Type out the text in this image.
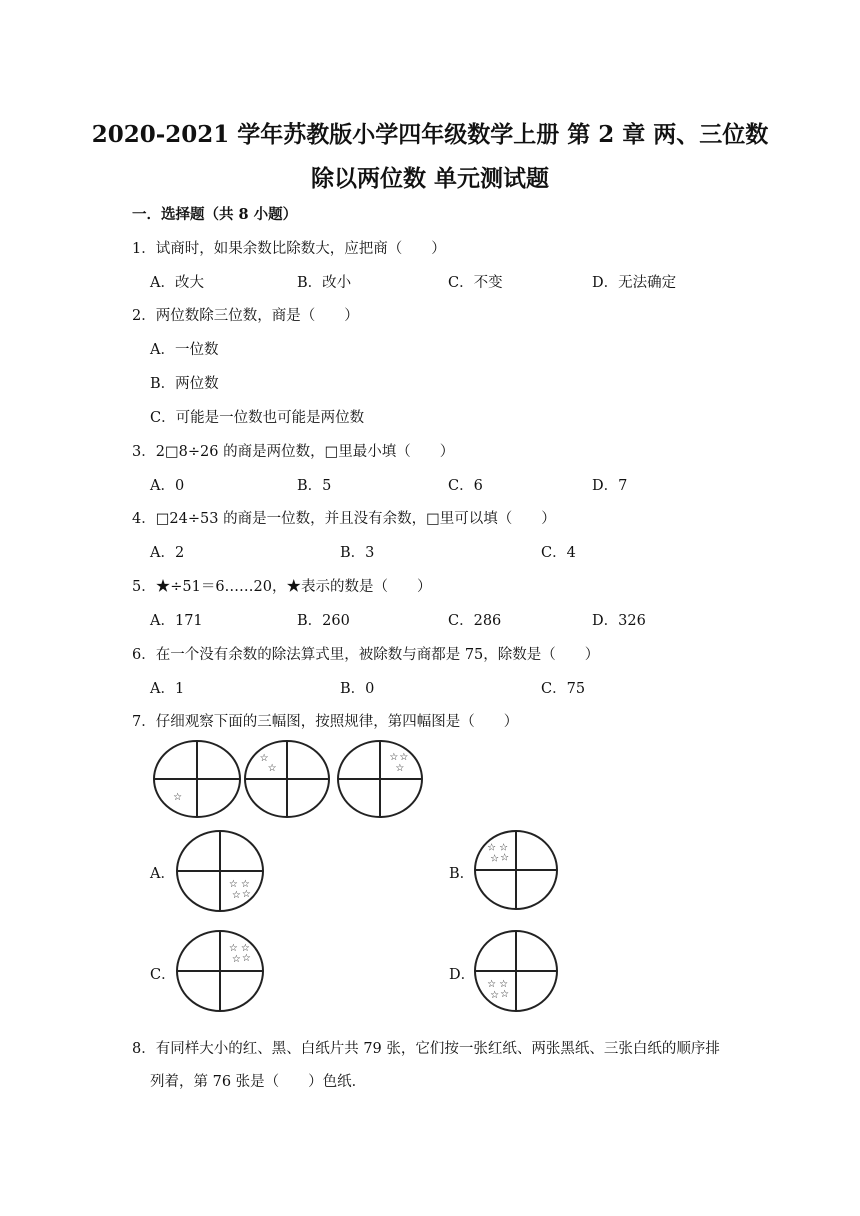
2020-2021 学年苏教版小学四年级数学上册 第 2 章 两、三位数
除以两位数 单元测试题
一．选择题（共 8 小题）
1．试商时，如果余数比除数大，应把商（　　）
A．改大	B．改小	C．不变	D．无法确定
2．两位数除三位数，商是（　　）
A．一位数
B．两位数
C．可能是一位数也可能是两位数
3．2□8÷26 的商是两位数，□里最小填（　　）
A．0	B．5	C．6	D．7
4．□24÷53 的商是一位数，并且没有余数，□里可以填（　　）
A．2	B．3	C．4
5．★÷51＝6……20，★表示的数是（　　）
A．171	B．260	C．286	D．326
6．在一个没有余数的除法算式里，被除数与商都是 75，除数是（　　）
A．1	B．0	C．75
7．仔细观察下面的三幅图，按照规律，第四幅图是（　　）
☆
☆
☆
☆ ☆
☆
A．
☆ ☆
☆ ☆
B．
☆ ☆
☆ ☆
C．
☆ ☆
☆ ☆
D．
☆ ☆
☆ ☆
8．有同样大小的红、黑、白纸片共 79 张，它们按一张红纸、两张黑纸、三张白纸的顺序排
列着，第 76 张是（　　）色纸．
